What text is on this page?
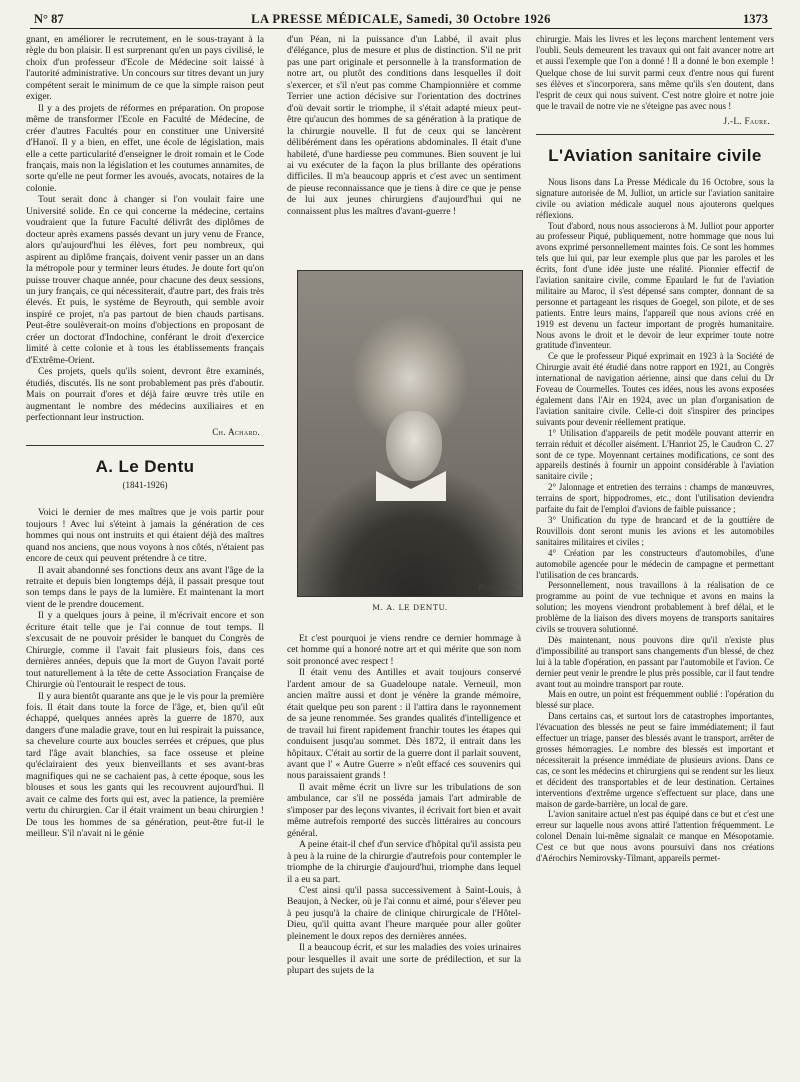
N° 87	LA PRESSE MÉDICALE, Samedi, 30 Octobre 1926	1373

gnant, en améliorer le recrutement, en le sous-trayant à la règle du bon plaisir. Il est surprenant qu'en un pays civilisé, le choix d'un professeur d'Ecole de Médecine soit laissé à l'autorité administrative. Un concours sur titres devant un jury compétent serait le minimum de ce que la simple raison peut exiger.

Il y a des projets de réformes en préparation. On propose même de transformer l'Ecole en Faculté de Médecine, de créer d'autres Facultés pour en constituer une Université d'Hanoï. Il y a bien, en effet, une école de législation, mais elle a cette particularité d'enseigner le droit romain et le Code français, mais non la législation et les coutumes annamites, de sorte qu'elle ne peut former les avoués, avocats, notaires de la colonie.

Tout serait donc à changer si l'on voulait faire une Université solide. En ce qui concerne la médecine, certains voudraient que la future Faculté délivrât des diplômes de docteur après examens passés devant un jury venu de France, alors qu'aujourd'hui les élèves, fort peu nombreux, qui aspirent au diplôme français, doivent venir passer un an dans la métropole pour y terminer leurs études. Je doute fort qu'on puisse trouver chaque année, pour chacune des deux sessions, un jury français, ce qui nécessiterait, d'autre part, des frais très élevés. Et puis, le système de Beyrouth, qui semble avoir inspiré ce projet, n'a pas partout de bien chauds partisans. Peut-être soulèverait-on moins d'objections en proposant de créer un doctorat d'Indochine, conférant le droit d'exercice limité à cette colonie et à tous les établissements français d'Extrême-Orient.

Ces projets, quels qu'ils soient, devront être examinés, étudiés, discutés. Ils ne sont probablement pas près d'aboutir. Mais on pourrait d'ores et déjà faire œuvre très utile en augmentant le nombre des médecins auxiliaires et en perfectionnant leur instruction.

Ch. Achard.
A. Le Dentu
(1841-1926)

Voici le dernier de mes maîtres que je vois partir pour toujours ! Avec lui s'éteint à jamais la génération de ces hommes qui nous ont instruits et qui étaient déjà des maîtres quand nos anciens, que nous voyons à nos côtés, n'étaient pas encore de ceux qui peuvent prétendre à ce titre.

Il avait abandonné ses fonctions deux ans avant l'âge de la retraite et depuis bien longtemps déjà, il passait presque tout son temps dans le pays de la lumière. Et maintenant la mort vient de le prendre doucement.

Il y a quelques jours à peine, il m'écrivait encore et son écriture était telle que je l'ai connue de tout temps. Il s'excusait de ne pouvoir présider le banquet du Congrès de Chirurgie, comme il l'avait fait plusieurs fois, dans ces dernières années, depuis que la mort de Guyon l'avait porté tout naturellement à la tête de cette Association Française de Chirurgie où l'entourait le respect de tous.

Il y aura bientôt quarante ans que je le vis pour la première fois. Il était dans toute la force de l'âge, et, bien qu'il eût échappé, quelques années après la guerre de 1870, aux dangers d'une maladie grave, tout en lui respirait la puissance, sa chevelure courte aux boucles serrées et crépues, que plus tard l'âge avait blanchies, sa face osseuse et pleine qu'éclairaient des yeux bienveillants et ses avant-bras magnifiques qui ne se cachaient pas, à cette époque, sous les blouses et sous les gants qui les recouvrent aujourd'hui. Il avait ce calme des forts qui est, avec la patience, la première vertu du chirurgien. Car il était vraiment un beau chirurgien ! De tous les hommes de sa génération, peut-être fut-il le meilleur. S'il n'avait ni le génie

d'un Péan, ni la puissance d'un Labbé, il avait plus d'élégance, plus de mesure et plus de distinction. S'il ne prit pas une part originale et personnelle à la transformation de notre art, ou plutôt des conditions dans lesquelles il doit s'exercer, et s'il n'eut pas comme Championnière et comme Terrier une action décisive sur l'orientation des doctrines d'où devait sortir le triomphe, il s'était adapté mieux peut-être qu'aucun des hommes de sa génération à la pratique de la chirurgie nouvelle. Il fut de ceux qui se lancèrent délibérément dans les opérations abdominales. Il était d'une habileté, d'une hardiesse peu communes. Bien souvent je lui ai vu exécuter de la façon la plus brillante des opérations difficiles. Il m'a beaucoup appris et c'est avec un sentiment de pieuse reconnaissance que je tiens à dire ce que je pense de lui aux jeunes chirurgiens d'aujourd'hui qui ne connaissent plus les maîtres d'avant-guerre !

Photo Pirou.
M. A. LE DENTU.

Et c'est pourquoi je viens rendre ce dernier hommage à cet homme qui a honoré notre art et qui mérite que son nom soit prononcé avec respect !

Il était venu des Antilles et avait toujours conservé l'ardent amour de sa Guadeloupe natale. Verneuil, mon ancien maître aussi et dont je vénère la grande mémoire, était quelque peu son parent : il l'attira dans le rayonnement de sa jeune renommée. Ses grandes qualités d'intelligence et de travail lui firent rapidement franchir toutes les étapes qui conduisent jusqu'au sommet. Dès 1872, il entrait dans les hôpitaux. C'était au sortir de la guerre dont il parlait souvent, avant que l' « Autre Guerre » n'eût effacé ces souvenirs qui nous paraissaient grands !

Il avait même écrit un livre sur les tribulations de son ambulance, car s'il ne posséda jamais l'art admirable de s'imposer par des leçons vivantes, il écrivait fort bien et avait même autrefois remporté des succès littéraires au concours général.

A peine était-il chef d'un service d'hôpital qu'il assista peu à peu à la ruine de la chirurgie d'autrefois pour contempler le triomphe de la chirurgie d'aujourd'hui, triomphe dans lequel il a eu sa part.

C'est ainsi qu'il passa successivement à Saint-Louis, à Beaujon, à Necker, où je l'ai connu et aimé, pour s'élever peu à peu jusqu'à la chaire de clinique chirurgicale de l'Hôtel-Dieu, qu'il quitta avant l'heure marquée pour aller goûter pleinement le doux repos des dernières années.

Il a beaucoup écrit, et sur les maladies des voies urinaires pour lesquelles il avait une sorte de prédilection, et sur la plupart des sujets de la

chirurgie. Mais les livres et les leçons marchent lentement vers l'oubli. Seuls demeurent les travaux qui ont fait avancer notre art et aussi l'exemple que l'on a donné ! Il a donné le bon exemple ! Quelque chose de lui survit parmi ceux d'entre nous qui furent ses élèves et s'incorporera, sans même qu'ils s'en doutent, dans l'esprit de ceux qui nous suivent. C'est notre gloire et notre joie que le travail de notre vie ne s'éteigne pas avec nous !

J.-L. Faure.
L'Aviation sanitaire civile

Nous lisons dans La Presse Médicale du 16 Octobre, sous la signature autorisée de M. Julliot, un article sur l'aviation sanitaire civile ou aviation médicale auquel nous ajouterons quelques réflexions.

Tout d'abord, nous nous associerons à M. Julliot pour apporter au professeur Piqué, publiquement, notre hommage que nous lui avons exprimé personnellement maintes fois. Ce sont les hommes tels que lui qui, par leur exemple plus que par les paroles et les écrits, font d'une idée juste une réalité. Pionnier effectif de l'aviation sanitaire civile, comme Epaulard le fut de l'aviation militaire au Maroc, il s'est dépensé sans compter, donnant de sa personne et partageant les risques de Goegel, son pilote, et de ses patients. Entre leurs mains, l'appareil que nous avions créé en 1919 est devenu un facteur important de progrès humanitaire. Nous avons le droit et le devoir de leur exprimer toute notre gratitude d'inventeur.

Ce que le professeur Piqué exprimait en 1923 à la Société de Chirurgie avait été étudié dans notre rapport en 1921, au Congrès international de navigation aérienne, ainsi que dans celui du Dr Foveau de Courmelles. Toutes ces idées, nous les avons exposées également dans l'Air en 1924, avec un plan d'organisation de l'aviation sanitaire civile. Celle-ci doit s'inspirer des principes suivants pour devenir réellement pratique.

1° Utilisation d'appareils de petit modèle pouvant atterrir en terrain réduit et décoller aisément. L'Hanriot 25, le Caudron C. 27 sont de ce type. Moyennant certaines modifications, ce sont des appareils destinés à fournir un appoint considérable à l'aviation sanitaire civile ;

2° Jalonnage et entretien des terrains : champs de manœuvres, terrains de sport, hippodromes, etc., dont l'utilisation deviendra parfaite du fait de l'emploi d'avions de faible puissance ;

3° Unification du type de brancard et de la gouttière de Rouvillois dont seront munis les avions et les automobiles sanitaires militaires et civiles ;

4° Création par les constructeurs d'automobiles, d'une automobile agencée pour le médecin de campagne et permettant l'utilisation de ces brancards.

Personnellement, nous travaillons à la réalisation de ce programme au point de vue technique et avons en mains la solution; les moyens viendront probablement à bref délai, et le problème de la liaison des divers moyens de transports sanitaires civils se trouvera solutionné.

Dès maintenant, nous pouvons dire qu'il n'existe plus d'impossibilité au transport sans changements d'un blessé, de chez lui à la table d'opération, en passant par l'automobile et l'avion. Ce dernier peut venir le prendre le plus près possible, car il faut tendre avant tout au moindre transport par route.

Mais en outre, un point est fréquemment oublié : l'opération du blessé sur place.

Dans certains cas, et surtout lors de catastrophes importantes, l'évacuation des blessés ne peut se faire immédiatement; il faut effectuer un triage, panser des blessés avant le transport, arrêter de grosses hémorragies. Le nombre des blessés est important et nécessiterait la présence immédiate de plusieurs avions. Dans ce cas, ce sont les médecins et chirurgiens qui se rendent sur les lieux et décident des transportables et de leur destination. Certaines interventions d'extrême urgence s'effectuent sur place, dans une maison de garde-barrière, un local de gare.

L'avion sanitaire actuel n'est pas équipé dans ce but et c'est une erreur sur laquelle nous avons attiré l'attention fréquemment. Le colonel Denain lui-même signalait ce manque en Mésopotamie. C'est ce but que nous avons poursuivi dans nos créations d'Aérochirs Nemirovsky-Tilmant, appareils permet-
